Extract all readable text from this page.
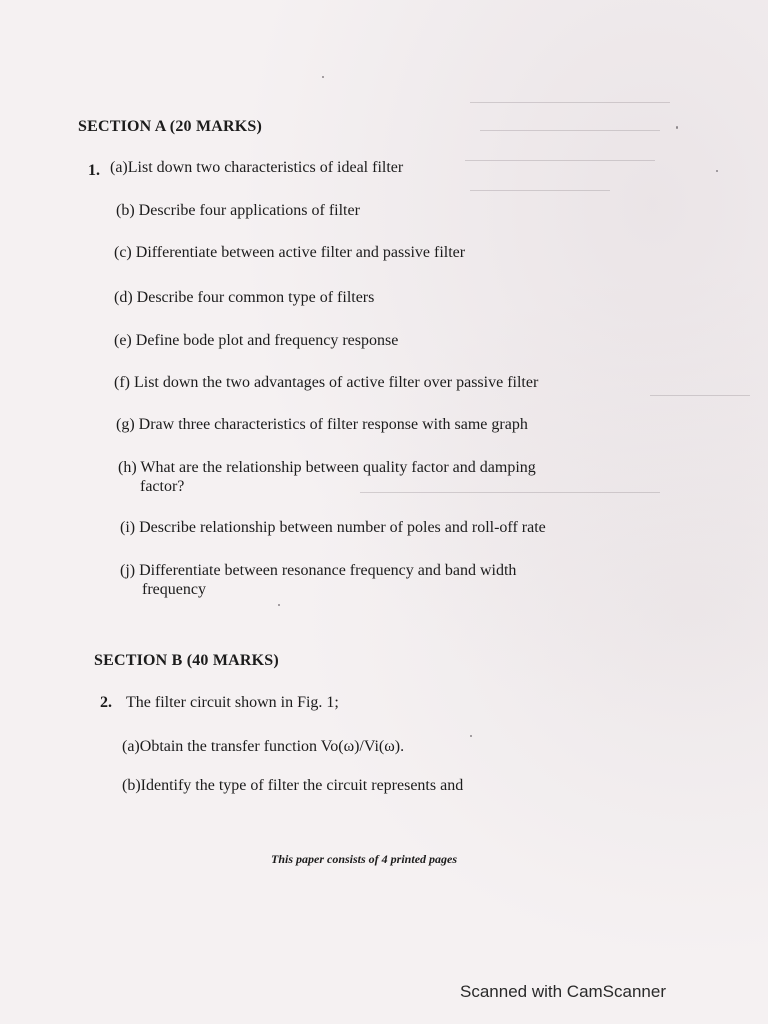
SECTION A (20 MARKS)
1. (a)List down two characteristics of ideal filter
(b) Describe four applications of filter
(c) Differentiate between active filter and passive filter
(d) Describe four common type of filters
(e) Define bode plot and frequency response
(f) List down the two advantages of active filter over passive filter
(g) Draw three characteristics of filter response with same graph
(h) What are the relationship between quality factor and damping
factor?
(i) Describe relationship between number of poles and roll-off rate
(j) Differentiate between resonance frequency and band width
frequency
SECTION B (40 MARKS)
2. The filter circuit shown in Fig. 1;
(a)Obtain the transfer function Vo(ω)/Vi(ω).
(b)Identify the type of filter the circuit represents and
This paper consists of 4 printed pages
Scanned with CamScanner
